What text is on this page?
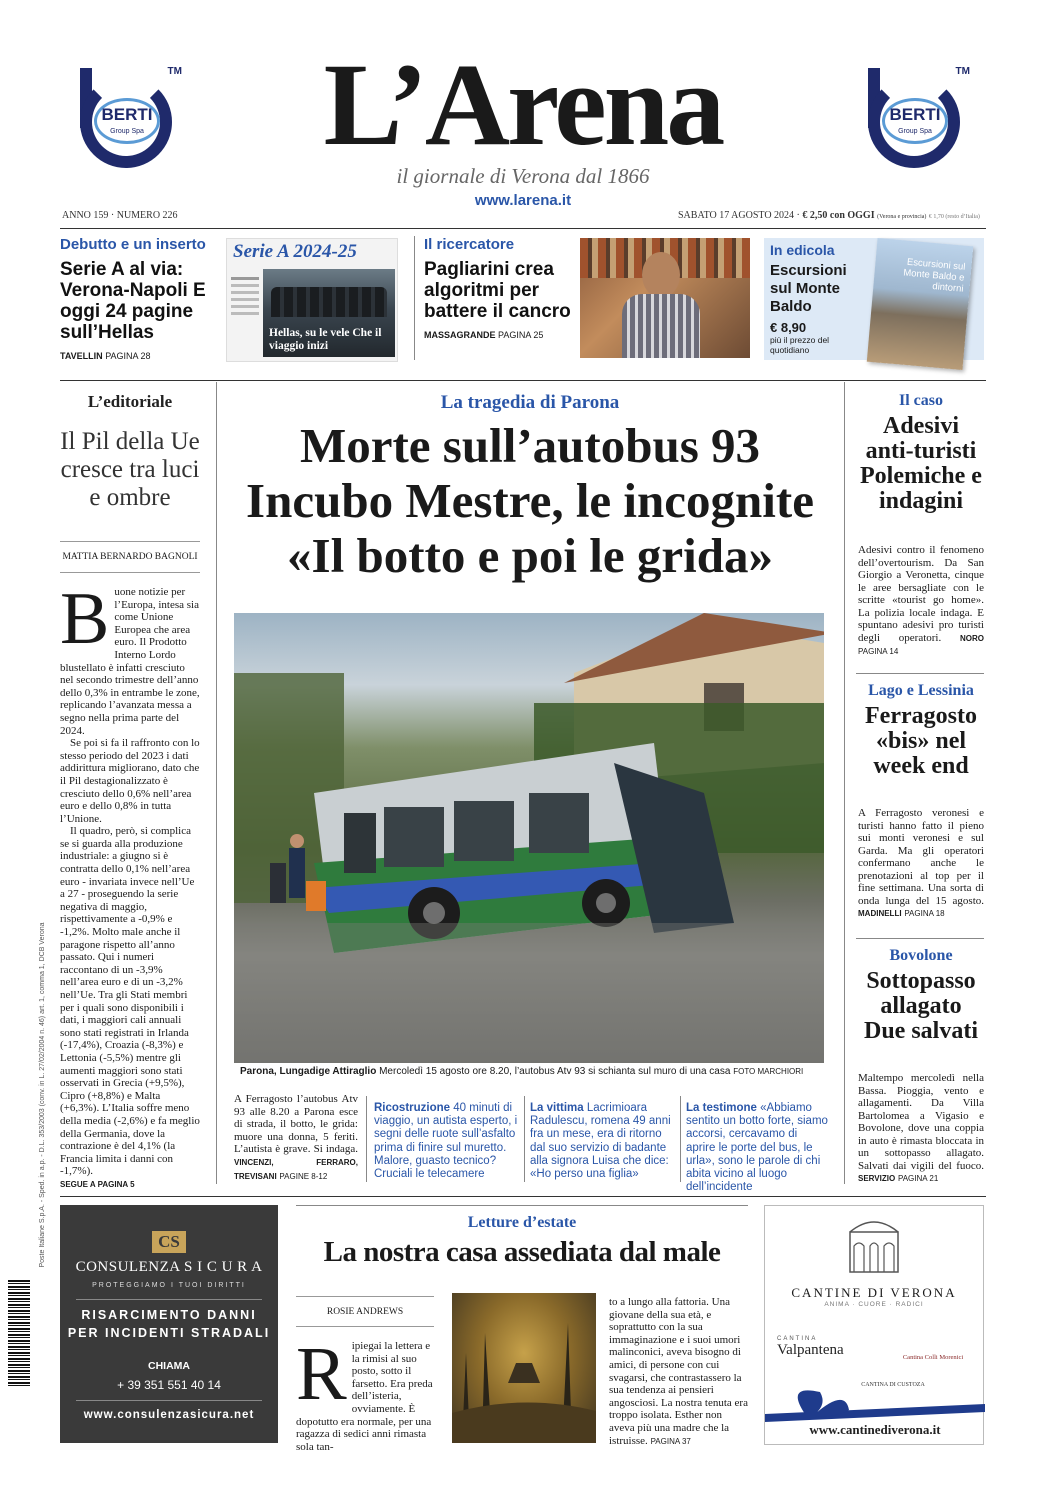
BERTI
Group Spa
TM
BERTI
Group Spa
TM
L’Arena
il giornale di Verona dal 1866
www.larena.it
ANNO 159 · NUMERO 226	SABATO 17 AGOSTO 2024 · € 2,50 con OGGI (Verona e provincia) € 1,70 (resto d’Italia)
Debutto e un inserto
Serie A al via: Verona-Napoli E oggi 24 pagine sull’Hellas
TAVELLIN PAGINA 28
Serie A 2024-25
Hellas, su le vele Che il viaggio inizi
Il ricercatore
Pagliarini crea algoritmi per battere il cancro
MASSAGRANDE PAGINA 25
In edicola
Escursioni sul Monte Baldo
€ 8,90
più il prezzo del quotidiano
Escursioni sul Monte Baldo e dintorni
L’editoriale
Il Pil della Ue cresce tra luci e ombre
MATTIA BERNARDO BAGNOLI

Buone notizie per l’Europa, intesa sia come Unione Europea che area euro. Il Prodotto Interno Lordo blustellato è infatti cresciuto nel secondo trimestre dell’anno dello 0,3% in entrambe le zone, replicando l’avanzata messa a segno nella prima parte del 2024.

Se poi si fa il raffronto con lo stesso periodo del 2023 i dati addirittura migliorano, dato che il Pil destagionalizzato è cresciuto dello 0,6% nell’area euro e dello 0,8% in tutta l’Unione.

Il quadro, però, si complica se si guarda alla produzione industriale: a giugno si è contratta dello 0,1% nell’area euro - invariata invece nell’Ue a 27 - proseguendo la serie negativa di maggio, rispettivamente a -0,9% e -1,2%. Molto male anche il paragone rispetto all’anno passato. Qui i numeri raccontano di un -3,9% nell’area euro e di un -3,2% nell’Ue. Tra gli Stati membri per i quali sono disponibili i dati, i maggiori cali annuali sono stati registrati in Irlanda (-17,4%), Croazia (-8,3%) e Lettonia (-5,5%) mentre gli aumenti maggiori sono stati osservati in Grecia (+9,5%), Cipro (+8,8%) e Malta (+6,3%). L’Italia soffre meno della media (-2,6%) e fa meglio della Germania, dove la contrazione è del 4,1% (la Francia limita i danni con -1,7%).

SEGUE A PAGINA 5

La tragedia di Parona
Morte sull’autobus 93
Incubo Mestre, le incognite
«Il botto e poi le grida»
Parona, Lungadige Attiraglio Mercoledì 15 agosto ore 8.20, l’autobus Atv 93 si schianta sul muro di una casa FOTO MARCHIORI
A Ferragosto l’autobus Atv 93 alle 8.20 a Parona esce di strada, il botto, le grida: muore una donna, 5 feriti. L’autista è grave. Si indaga. VINCENZI, FERRARO, TREVISANI PAGINE 8-12
Ricostruzione 40 minuti di viaggio, un autista esperto, i segni delle ruote sull’asfalto prima di finire sul muretto. Malore, guasto tecnico? Cruciali le telecamere
La vittima Lacrimioara Radulescu, romena 49 anni fra un mese, era di ritorno dal suo servizio di badante alla signora Luisa che dice: «Ho perso una figlia»
La testimone «Abbiamo sentito un botto forte, siamo accorsi, cercavamo di aprire le porte del bus, le urla», sono le parole di chi abita vicino al luogo dell’incidente
Il caso
Adesivi anti-turisti Polemiche e indagini
Adesivi contro il fenomeno dell’overtourism. Da San Giorgio a Veronetta, cinque le aree bersagliate con le scritte «tourist go home». La polizia locale indaga. E spuntano adesivi pro turisti degli operatori. NORO PAGINA 14
Lago e Lessinia
Ferragosto «bis» nel week end
A Ferragosto veronesi e turisti hanno fatto il pieno sui monti veronesi e sul Garda. Ma gli operatori confermano anche le prenotazioni al top per il fine settimana. Una sorta di onda lunga del 15 agosto. MADINELLI PAGINA 18
Bovolone
Sottopasso allagato Due salvati
Maltempo mercoledì nella Bassa. Pioggia, vento e allagamenti. Da Villa Bartolomea a Vigasio e Bovolone, dove una coppia in auto è rimasta bloccata in un sottopasso allagato. Salvati dai vigili del fuoco. SERVIZIO PAGINA 21
Poste Italiane S.p.A. - Sped. in a.p. - D.L. 353/2003 (conv. in L. 27/02/2004 n. 46) art. 1, comma 1, DCB Verona	CS
CONSULENZA S I C U R A
PROTEGGIAMO I TUOI DIRITTI
RISARCIMENTO DANNI
PER INCIDENTI STRADALI
CHIAMA
+ 39 351 551 40 14
www.consulenzasicura.net
Letture d’estate
La nostra casa assediata dal male
ROSIE ANDREWS
Ripiegai la lettera e la rimisi al suo posto, sotto il farsetto. Era preda dell’isteria, ovviamente. È dopotutto era normale, per una ragazza di sedici anni rimasta sola tan-
to a lungo alla fattoria. Una giovane della sua età, e soprattutto con la sua immaginazione e i suoi umori malinconici, aveva bisogno di amici, di persone con cui svagarsi, che contrastassero la sua tendenza ai pensieri angosciosi. La nostra tenuta era troppo isolata. Esther non aveva più una madre che la istruisse. PAGINA 37
CANTINE DI VERONA
ANIMA · CUORE · RADICI
CANTINA
Valpantena	Cantina Colli Morenici
CANTINA DI CUSTOZA
www.cantinediverona.it
